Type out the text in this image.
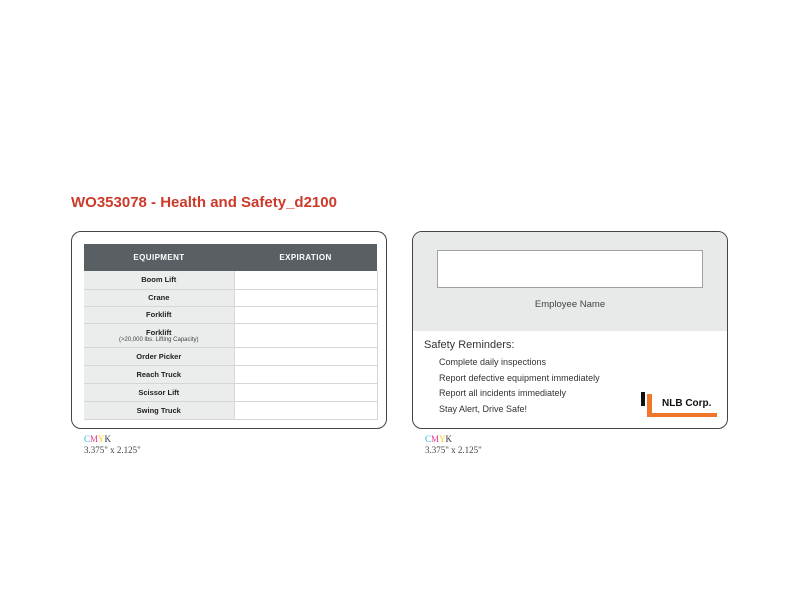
WO353078 - Health and Safety_d2100
EQUIPMENT	EXPIRATION
Boom Lift	
Crane	
Forklift	
Forklift
(>20,000 lbs. Lifting Capacity)	

Order Picker	
Reach Truck	
Scissor Lift	
Swing Truck	
Employee Name
Safety Reminders:
Complete daily inspections
Report defective equipment immediately
Report all incidents immediately
Stay Alert, Drive Safe!	NLB Corp.
CMYK
3.375" x 2.125"
CMYK
3.375" x 2.125"
